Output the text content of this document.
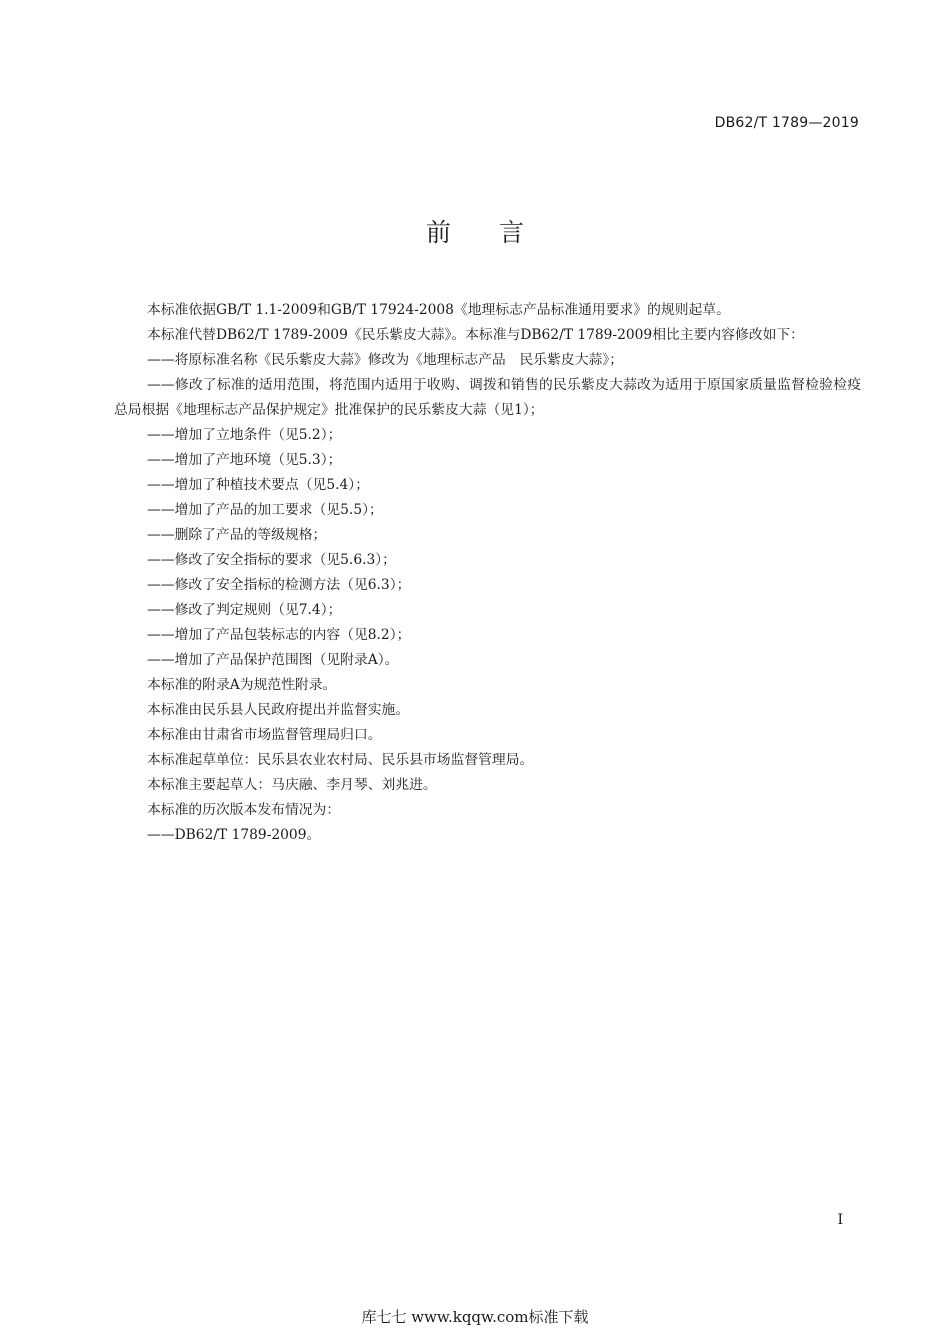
DB62/T 1789—2019
前言

本标准依据GB/T 1.1-2009和GB/T 17924-2008《地理标志产品标准通用要求》的规则起草。

本标准代替DB62/T 1789-2009《民乐紫皮大蒜》。本标准与DB62/T 1789-2009相比主要内容修改如下：

——将原标准名称《民乐紫皮大蒜》修改为《地理标志产品　民乐紫皮大蒜》；

——修改了标准的适用范围，将范围内适用于收购、调拨和销售的民乐紫皮大蒜改为适用于原国家质量监督检验检疫总局根据《地理标志产品保护规定》批准保护的民乐紫皮大蒜（见1）；

——增加了立地条件（见5.2）；

——增加了产地环境（见5.3）；

——增加了种植技术要点（见5.4）；

——增加了产品的加工要求（见5.5）；

——删除了产品的等级规格；

——修改了安全指标的要求（见5.6.3）；

——修改了安全指标的检测方法（见6.3）；

——修改了判定规则（见7.4）；

——增加了产品包装标志的内容（见8.2）；

——增加了产品保护范围图（见附录A）。

本标准的附录A为规范性附录。

本标准由民乐县人民政府提出并监督实施。

本标准由甘肃省市场监督管理局归口。

本标准起草单位：民乐县农业农村局、民乐县市场监督管理局。

本标准主要起草人：马庆融、李月琴、刘兆进。

本标准的历次版本发布情况为：

——DB62/T 1789-2009。

I
库七七 www.kqqw.com标准下载
